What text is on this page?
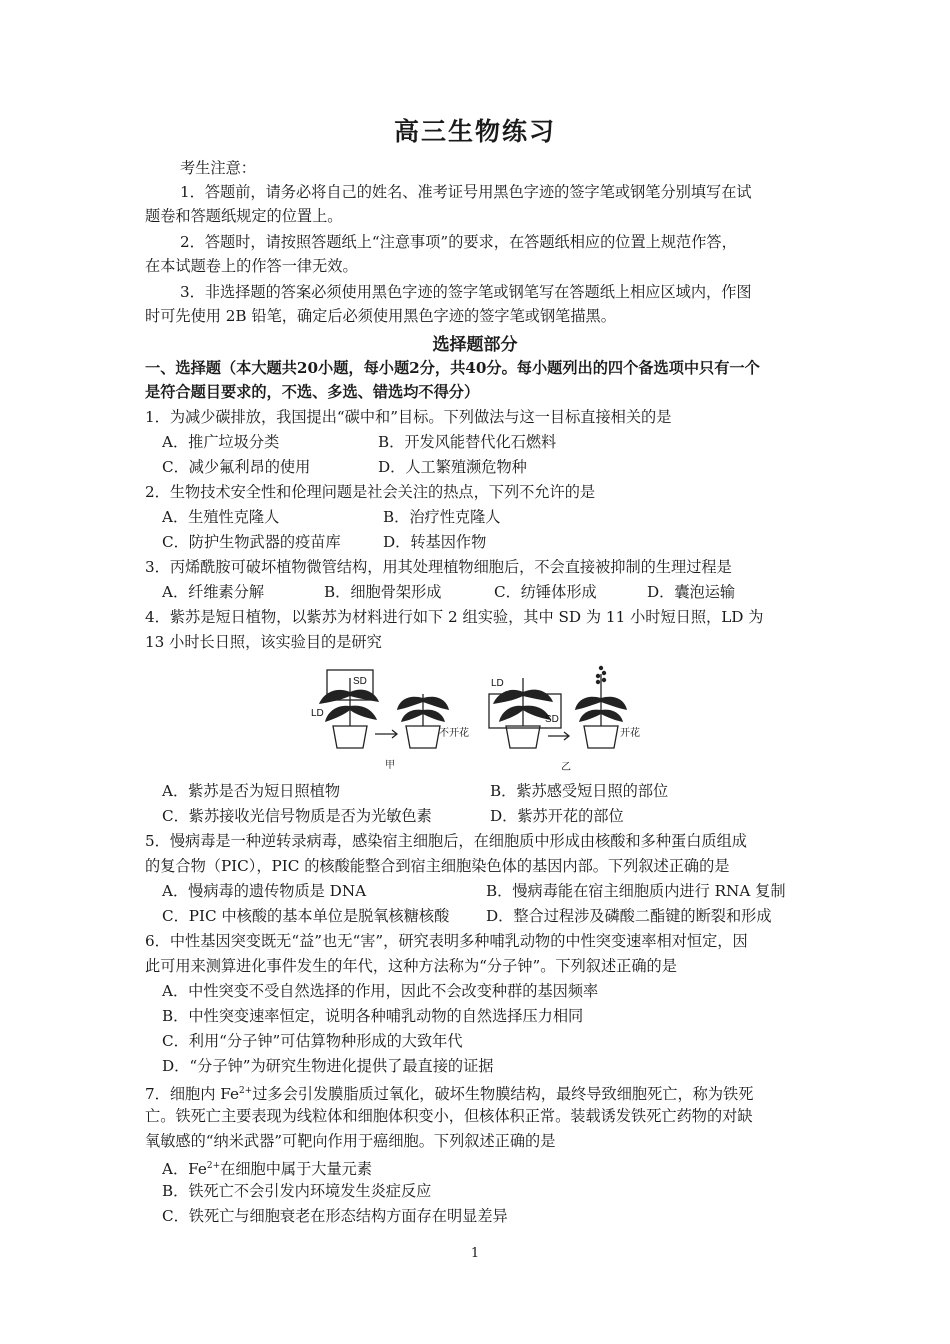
高三生物练习
考生注意：
1．答题前，请务必将自己的姓名、准考证号用黑色字迹的签字笔或钢笔分别填写在试
题卷和答题纸规定的位置上。
2．答题时，请按照答题纸上“注意事项”的要求，在答题纸相应的位置上规范作答，
在本试题卷上的作答一律无效。
3．非选择题的答案必须使用黑色字迹的签字笔或钢笔写在答题纸上相应区域内，作图
时可先使用 2B 铅笔，确定后必须使用黑色字迹的签字笔或钢笔描黑。
选择题部分
一、选择题（本大题共20小题，每小题2分，共40分。每小题列出的四个备选项中只有一个
是符合题目要求的，不选、多选、错选均不得分）
1．为减少碳排放，我国提出“碳中和”目标。下列做法与这一目标直接相关的是
A．推广垃圾分类	B．开发风能替代化石燃料
C．减少氟利昂的使用	D．人工繁殖濒危物种
2．生物技术安全性和伦理问题是社会关注的热点，下列不允许的是
A．生殖性克隆人	B．治疗性克隆人
C．防护生物武器的疫苗库	D．转基因作物
3．丙烯酰胺可破坏植物微管结构，用其处理植物细胞后，不会直接被抑制的生理过程是
A．纤维素分解	B．细胞骨架形成	C．纺锤体形成	D．囊泡运输
4．紫苏是短日植物，以紫苏为材料进行如下 2 组实验，其中 SD 为 11 小时短日照，LD 为
13 小时长日照，该实验目的是研究
SD
LD
不开花
甲
LD
SD
开花
乙
A．紫苏是否为短日照植物	B．紫苏感受短日照的部位
C．紫苏接收光信号物质是否为光敏色素	D．紫苏开花的部位
5．慢病毒是一种逆转录病毒，感染宿主细胞后，在细胞质中形成由核酸和多种蛋白质组成
的复合物（PIC），PIC 的核酸能整合到宿主细胞染色体的基因内部。下列叙述正确的是
A．慢病毒的遗传物质是 DNA	B．慢病毒能在宿主细胞质内进行 RNA 复制
C．PIC 中核酸的基本单位是脱氧核糖核酸 D．整合过程涉及磷酸二酯键的断裂和形成
6．中性基因突变既无“益”也无“害”，研究表明多种哺乳动物的中性突变速率相对恒定，因
此可用来测算进化事件发生的年代，这种方法称为“分子钟”。下列叙述正确的是
A．中性突变不受自然选择的作用，因此不会改变种群的基因频率
B．中性突变速率恒定，说明各种哺乳动物的自然选择压力相同
C．利用“分子钟”可估算物种形成的大致年代
D．“分子钟”为研究生物进化提供了最直接的证据
7．细胞内 $Fe^{2+}$过多会引发膜脂质过氧化，破坏生物膜结构，最终导致细胞死亡，称为铁死
亡。铁死亡主要表现为线粒体和细胞体积变小，但核体积正常。装载诱发铁死亡药物的对缺
氧敏感的“纳米武器”可靶向作用于癌细胞。下列叙述正确的是
A．$Fe^{2+}$在细胞中属于大量元素
B．铁死亡不会引发内环境发生炎症反应
C．铁死亡与细胞衰老在形态结构方面存在明显差异
1
